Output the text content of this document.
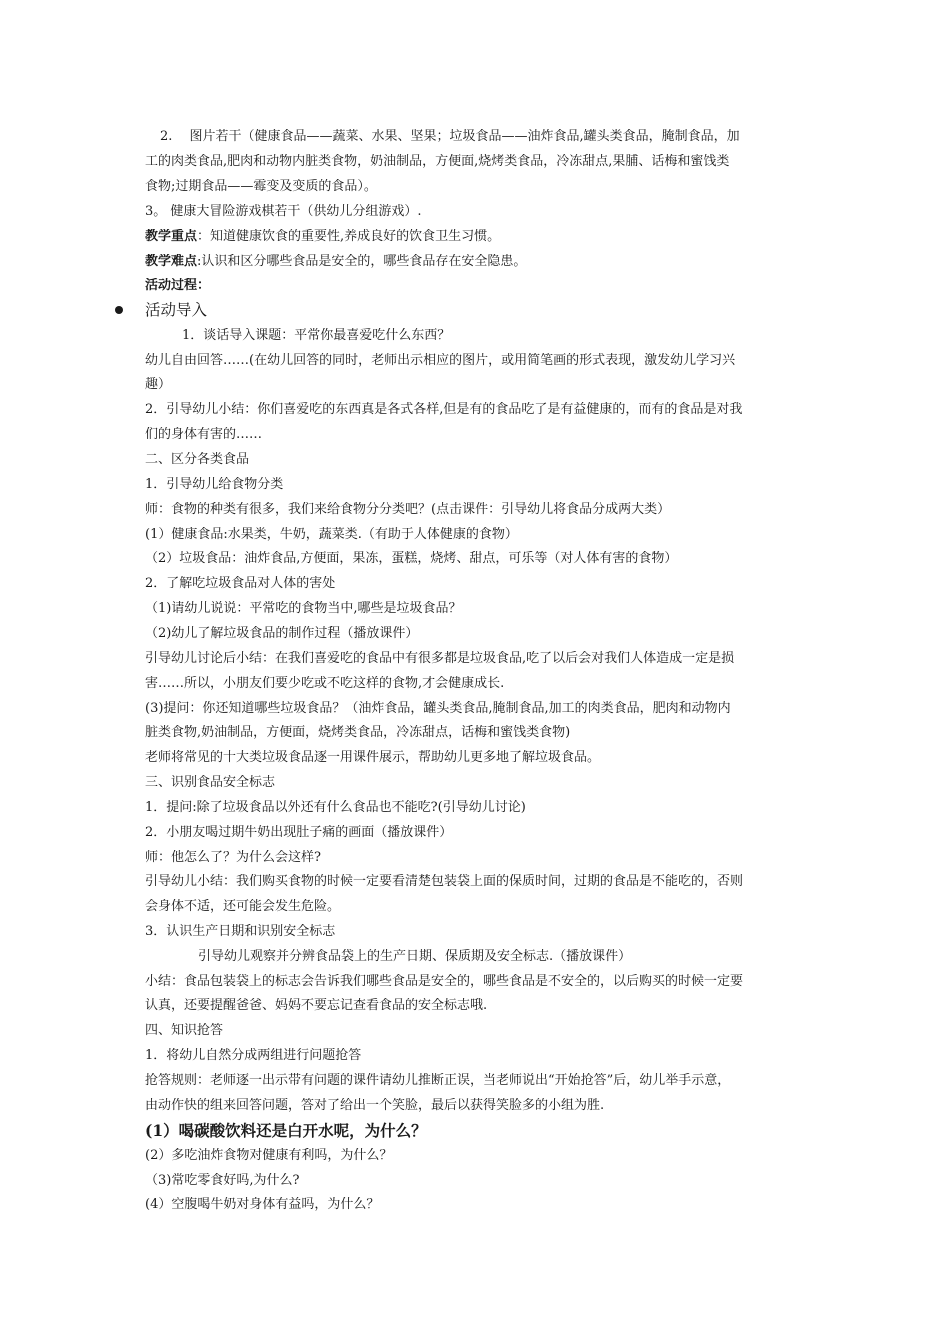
2.　 图片若干（健康食品——蔬菜、水果、坚果；垃圾食品——油炸食品,罐头类食品，腌制食品，加
工的肉类食品,肥肉和动物内脏类食物，奶油制品，方便面,烧烤类食品，冷冻甜点,果脯、话梅和蜜饯类
食物;过期食品——霉变及变质的食品）。
3。 健康大冒险游戏棋若干（供幼儿分组游戏）.
教学重点：知道健康饮食的重要性,养成良好的饮食卫生习惯。
教学难点:认识和区分哪些食品是安全的，哪些食品存在安全隐患。
活动过程：
活动导入
1．谈话导入课题：平常你最喜爱吃什么东西？
幼儿自由回答……(在幼儿回答的同时，老师出示相应的图片，或用简笔画的形式表现，激发幼儿学习兴
趣）
2．引导幼儿小结：你们喜爱吃的东西真是各式各样,但是有的食品吃了是有益健康的，而有的食品是对我
们的身体有害的……
二、区分各类食品
1．引导幼儿给食物分类
师：食物的种类有很多，我们来给食物分分类吧？(点击课件：引导幼儿将食品分成两大类）
(1）健康食品:水果类，牛奶，蔬菜类.（有助于人体健康的食物）
（2）垃圾食品：油炸食品,方便面，果冻，蛋糕，烧烤、甜点，可乐等（对人体有害的食物）
2．了解吃垃圾食品对人体的害处
（1)请幼儿说说：平常吃的食物当中,哪些是垃圾食品？
（2)幼儿了解垃圾食品的制作过程（播放课件）
引导幼儿讨论后小结：在我们喜爱吃的食品中有很多都是垃圾食品,吃了以后会对我们人体造成一定是损
害……所以，小朋友们要少吃或不吃这样的食物,才会健康成长.
(3)提问：你还知道哪些垃圾食品？（油炸食品，罐头类食品,腌制食品,加工的肉类食品，肥肉和动物内
脏类食物,奶油制品，方便面，烧烤类食品，冷冻甜点，话梅和蜜饯类食物)
老师将常见的十大类垃圾食品逐一用课件展示，帮助幼儿更多地了解垃圾食品。
三、识别食品安全标志
1．提问:除了垃圾食品以外还有什么食品也不能吃?(引导幼儿讨论)
2．小朋友喝过期牛奶出现肚子痛的画面（播放课件）
师：他怎么了？为什么会这样?
引导幼儿小结：我们购买食物的时候一定要看清楚包装袋上面的保质时间，过期的食品是不能吃的，否则
会身体不适，还可能会发生危险。
3．认识生产日期和识别安全标志
引导幼儿观察并分辨食品袋上的生产日期、保质期及安全标志.（播放课件）
小结：食品包装袋上的标志会告诉我们哪些食品是安全的，哪些食品是不安全的，以后购买的时候一定要
认真，还要提醒爸爸、妈妈不要忘记查看食品的安全标志哦.
四、知识抢答
1．将幼儿自然分成两组进行问题抢答
抢答规则：老师逐一出示带有问题的课件请幼儿推断正误，当老师说出“开始抢答”后，幼儿举手示意，
由动作快的组来回答问题，答对了给出一个笑脸，最后以获得笑脸多的小组为胜.
(1）喝碳酸饮料还是白开水呢，为什么？
(2）多吃油炸食物对健康有利吗，为什么？
（3)常吃零食好吗,为什么?
(4）空腹喝牛奶对身体有益吗，为什么？
